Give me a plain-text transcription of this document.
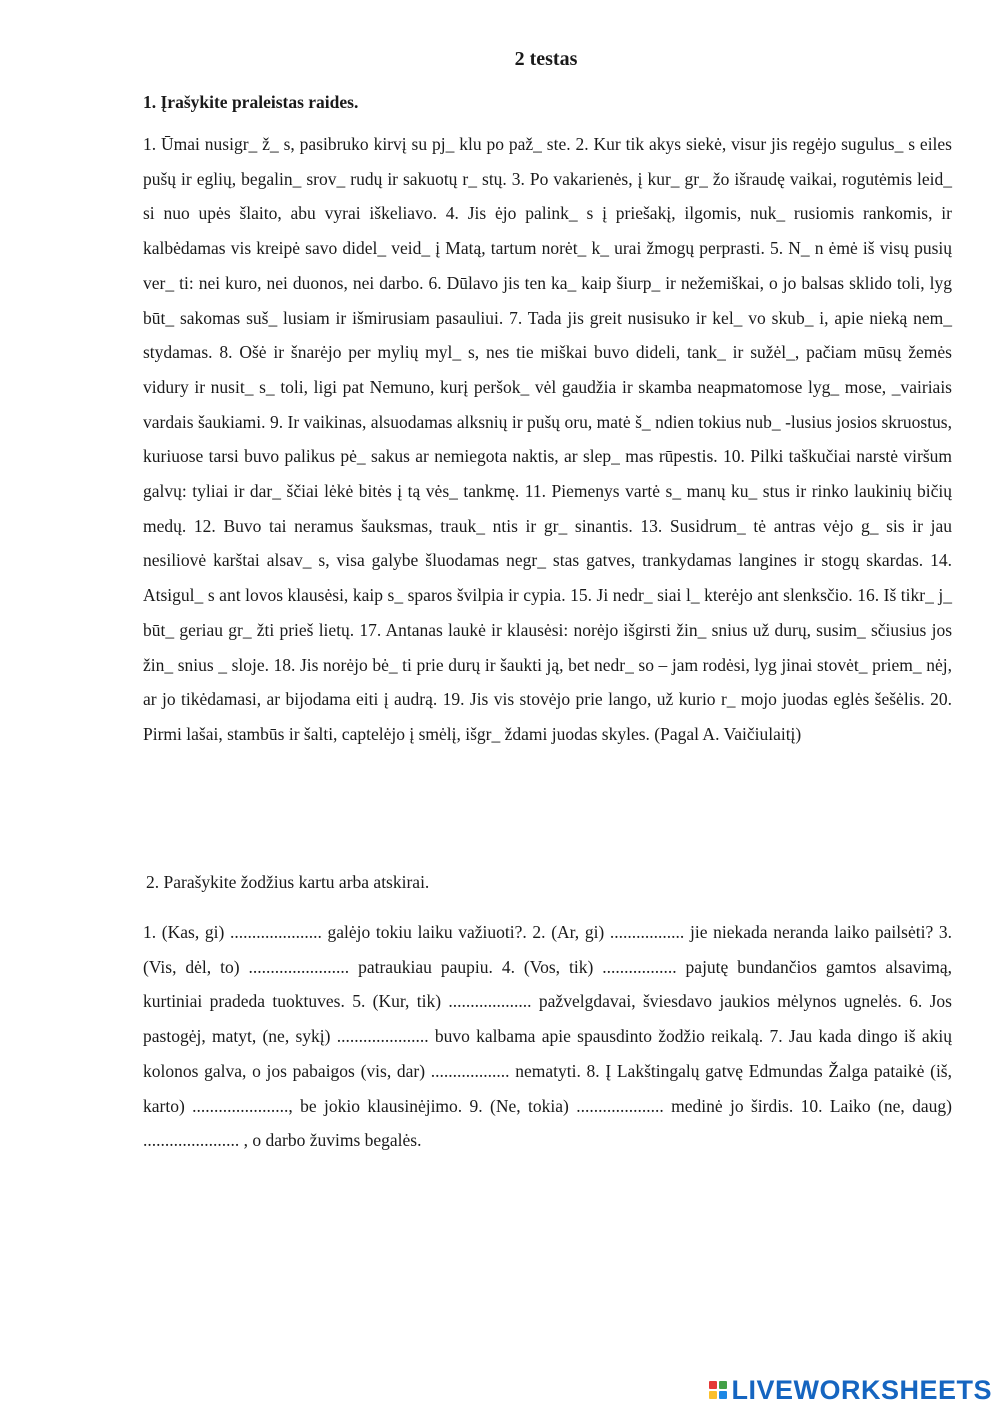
2 testas
1. Įrašykite praleistas raides.
1. Ūmai nusigr_ ž_ s, pasibruko kirvį su pj_ klu po paž_ ste. 2. Kur tik akys siekė, visur jis regėjo sugulus_ s eiles pušų ir eglių, begalin_ srov_ rudų ir sakuotų r_ stų. 3. Po vakarienės, į kur_ gr_ žo išraudę vaikai, rogutėmis leid_ si nuo upės šlaito, abu vyrai iškeliavo. 4. Jis ėjo palink_ s į priešakį, ilgomis, nuk_ rusiomis rankomis, ir kalbėdamas vis kreipė savo didel_ veid_ į Matą, tartum norėt_ k_ urai žmogų perprasti. 5. N_ n ėmė iš visų pusių ver_ ti: nei kuro, nei duonos, nei darbo. 6. Dūlavo jis ten ka_ kaip šiurp_ ir nežemiškai, o jo balsas sklido toli, lyg būt_ sakomas suš_ lusiam ir išmirusiam pasauliui. 7. Tada jis greit nusisuko ir kel_ vo skub_ i, apie nieką nem_ stydamas. 8. Ošė ir šnarėjo per mylių myl_ s, nes tie miškai buvo dideli, tank_ ir sužėl_, pačiam mūsų žemės vidury ir nusit_ s_ toli, ligi pat Nemuno, kurį peršok_ vėl gaudžia ir skamba neapmatomose lyg_ mose, _vairiais vardais šaukiami. 9. Ir vaikinas, alsuodamas alksnių ir pušų oru, matė š_ ndien tokius nub_ -lusius josios skruostus, kuriuose tarsi buvo palikus pė_ sakus ar nemiegota naktis, ar slep_ mas rūpestis. 10. Pilki taškučiai narstė viršum galvų: tyliai ir dar_ ščiai lėkė bitės į tą vės_ tankmę. 11. Piemenys vartė s_ manų ku_ stus ir rinko laukinių bičių medų. 12. Buvo tai neramus šauksmas, trauk_ ntis ir gr_ sinantis. 13. Susidrum_ tė antras vėjo g_ sis ir jau nesiliovė karštai alsav_ s, visa galybe šluodamas negr_ stas gatves, trankydamas langines ir stogų skardas. 14. Atsigul_ s ant lovos klausėsi, kaip s_ sparos švilpia ir cypia. 15. Ji nedr_ siai l_ kterėjo ant slenksčio. 16. Iš tikr_ j_ būt_ geriau gr_ žti prieš lietų. 17. Antanas laukė ir klausėsi: norėjo išgirsti žin_ snius už durų, susim_ sčiusius jos žin_ snius _ sloje. 18. Jis norėjo bė_ ti prie durų ir šaukti ją, bet nedr_ so – jam rodėsi, lyg jinai stovėt_ priem_ nėj, ar jo tikėdamasi, ar bijodama eiti į audrą. 19. Jis vis stovėjo prie lango, už kurio r_ mojo juodas eglės šešėlis. 20. Pirmi lašai, stambūs ir šalti, captelėjo į smėlį, išgr_ ždami juodas skyles. (Pagal A. Vaičiulaitį)
2. Parašykite žodžius kartu arba atskirai.
1. (Kas, gi) ..................... galėjo tokiu laiku važiuoti?. 2. (Ar, gi) ................. jie niekada neranda laiko pailsėti? 3. (Vis, dėl, to) ....................... patraukiau paupiu. 4. (Vos, tik) ................. pajutę bundančios gamtos alsavimą, kurtiniai pradeda tuoktuves. 5. (Kur, tik) ................... pažvelgdavai, šviesdavo jaukios mėlynos ugnelės. 6. Jos pastogėj, matyt, (ne, sykį) ..................... buvo kalbama apie spausdinto žodžio reikalą. 7. Jau kada dingo iš akių kolonos galva, o jos pabaigos (vis, dar) .................. nematyti. 8. Į Lakštingalų gatvę Edmundas Žalga pataikė (iš, karto) ......................, be jokio klausinėjimo. 9. (Ne, tokia) .................... medinė jo širdis. 10. Laiko (ne, daug) ...................... , o darbo žuvims begalės.
LIVEWORKSHEETS
